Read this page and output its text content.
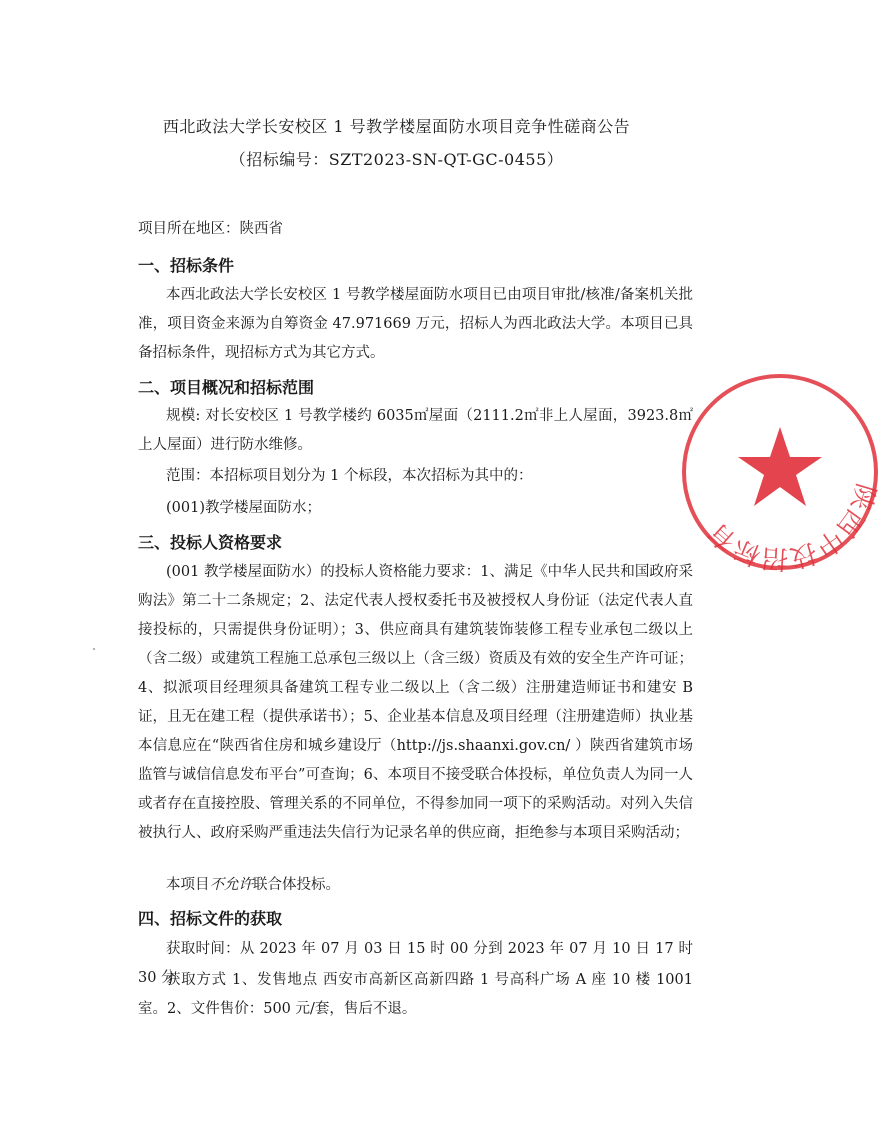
西北政法大学长安校区 1 号教学楼屋面防水项目竞争性磋商公告
（招标编号：SZT2023-SN-QT-GC-0455）
项目所在地区：陕西省
一、招标条件
本西北政法大学长安校区 1 号教学楼屋面防水项目已由项目审批/核准/备案机关批准，项目资金来源为自筹资金 47.971669 万元，招标人为西北政法大学。本项目已具备招标条件，现招标方式为其它方式。
二、项目概况和招标范围
规模: 对长安校区 1 号教学楼约 6035㎡屋面（2111.2㎡非上人屋面，3923.8㎡上人屋面）进行防水维修。
范围：本招标项目划分为 1 个标段，本次招标为其中的：
(001)教学楼屋面防水；
三、投标人资格要求
(001 教学楼屋面防水）的投标人资格能力要求：1、满足《中华人民共和国政府采购法》第二十二条规定；2、法定代表人授权委托书及被授权人身份证（法定代表人直接投标的，只需提供身份证明）；3、供应商具有建筑装饰装修工程专业承包二级以上（含二级）或建筑工程施工总承包三级以上（含三级）资质及有效的安全生产许可证；4、拟派项目经理须具备建筑工程专业二级以上（含二级）注册建造师证书和建安 B 证，且无在建工程（提供承诺书）；5、企业基本信息及项目经理（注册建造师）执业基本信息应在“陕西省住房和城乡建设厅（http://js.shaanxi.gov.cn/ ）陕西省建筑市场监管与诚信信息发布平台”可查询；6、本项目不接受联合体投标，单位负责人为同一人或者存在直接控股、管理关系的不同单位，不得参加同一项下的采购活动。对列入失信被执行人、政府采购严重违法失信行为记录名单的供应商，拒绝参与本项目采购活动；
本项目不允许联合体投标。
四、招标文件的获取
获取时间：从 2023 年 07 月 03 日 15 时 00 分到 2023 年 07 月 10 日 17 时 30 分
获取方式 1、发售地点 西安市高新区高新四路 1 号高科广场 A 座 10 楼 1001 室。2、文件售价：500 元/套，售后不退。
陕西中技招标有
